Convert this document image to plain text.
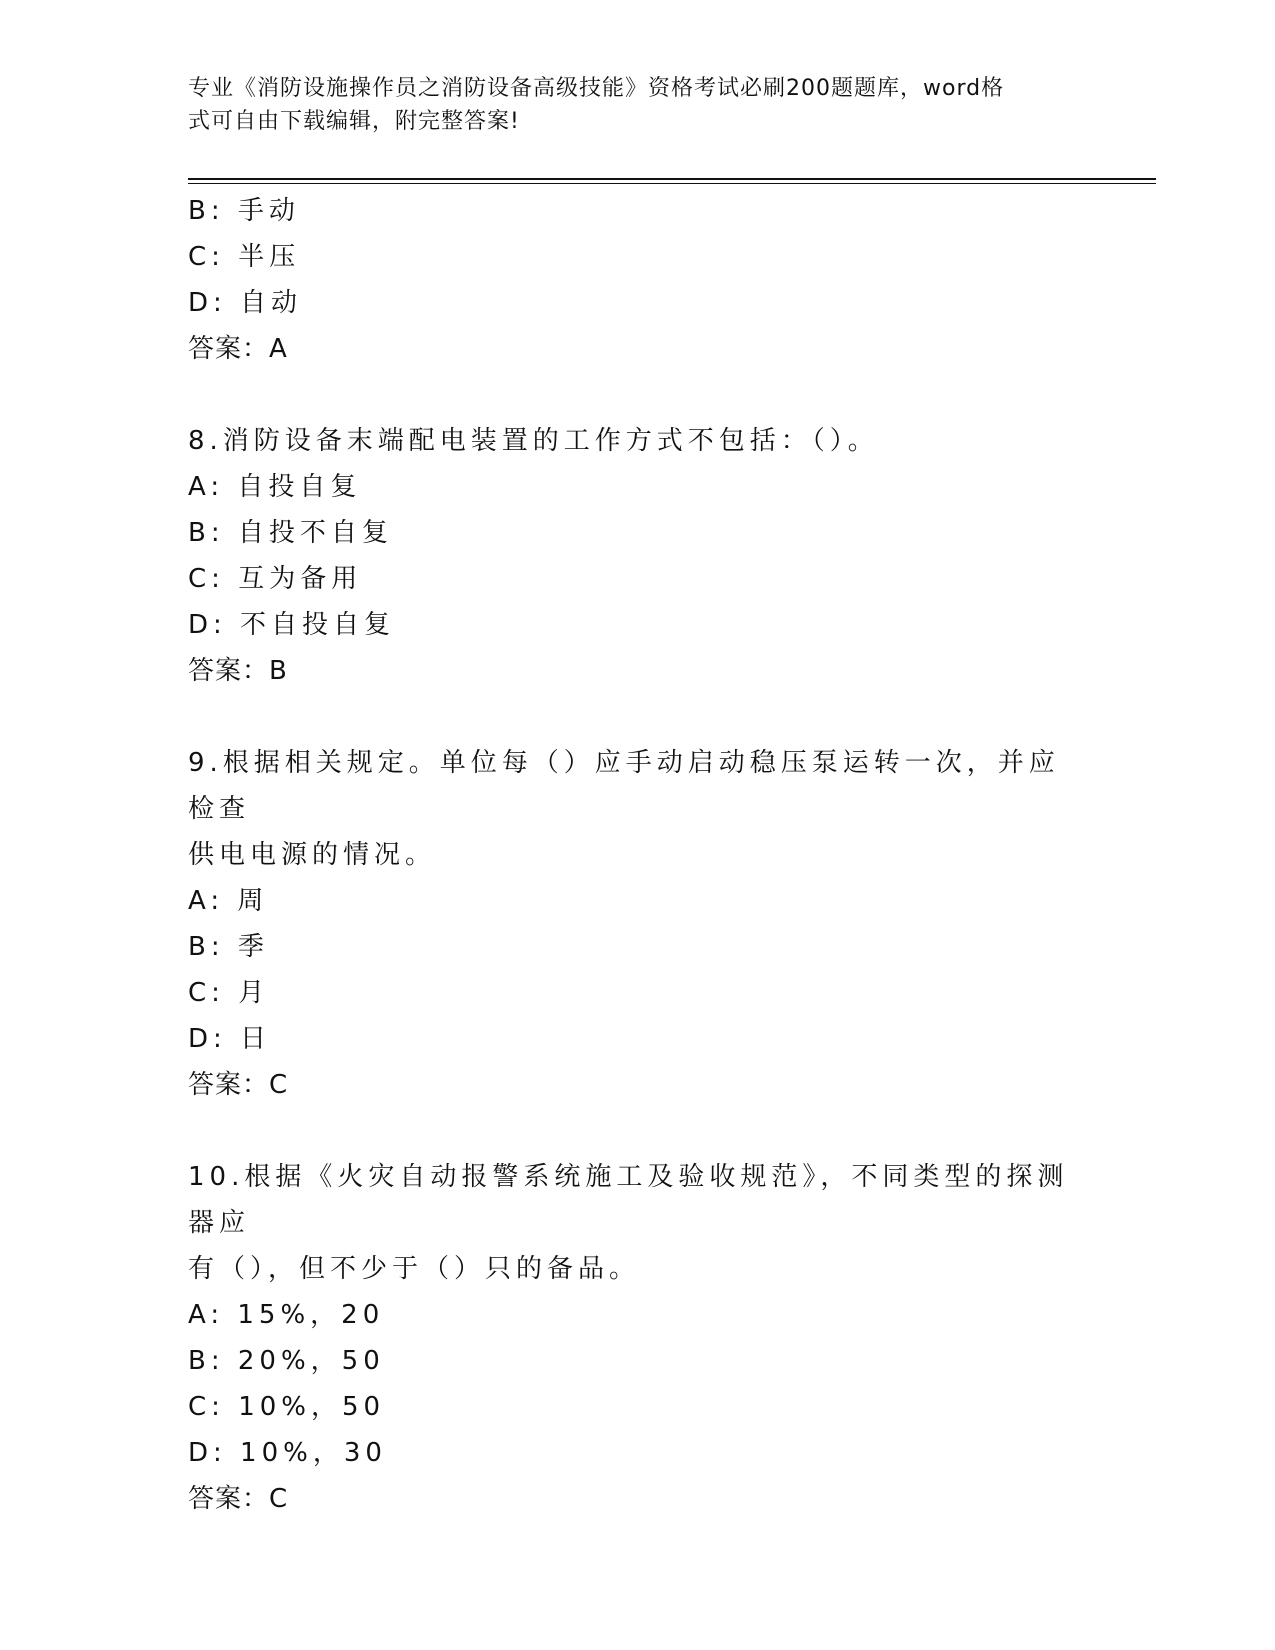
专业《消防设施操作员之消防设备高级技能》资格考试必刷200题题库，word格
式可自由下载编辑，附完整答案!
B: 手动
C: 半压
D: 自动
答案：A
8.消防设备末端配电装置的工作方式不包括：（）。
A: 自投自复
B: 自投不自复
C: 互为备用
D: 不自投自复
答案：B
9.根据相关规定。单位每（）应手动启动稳压泵运转一次，并应检查
供电电源的情况。
A: 周
B: 季
C: 月
D: 日
答案：C
10.根据《火灾自动报警系统施工及验收规范》，不同类型的探测器应
有（），但不少于（）只的备品。
A: 15%，20
B: 20%，50
C: 10%，50
D: 10%，30
答案：C
